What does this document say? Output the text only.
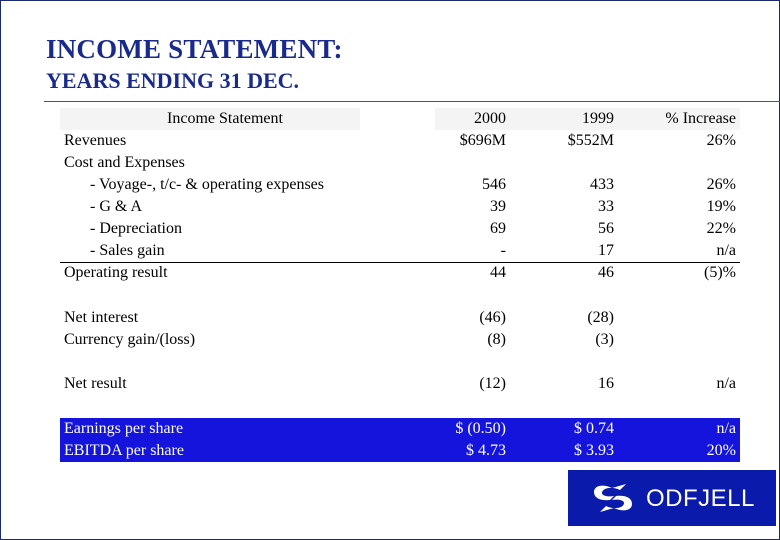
INCOME STATEMENT:
YEARS ENDING 31 DEC.
Income Statement	2000	1999	% Increase
Revenues	$696M	$552M	26%
Cost and Expenses
- Voyage-, t/c- & operating expenses	546	433	26%
- G & A	39	33	19%
- Depreciation	69	56	22%
- Sales gain	-	17	n/a
Operating result	44	46	(5)%
Net interest	(46)	(28)
Currency gain/(loss)	(8)	(3)
Net result	(12)	16	n/a
Earnings per share	$ (0.50)	$ 0.74	n/a
EBITDA per share	$ 4.73	$ 3.93	20%
ODFJELL
